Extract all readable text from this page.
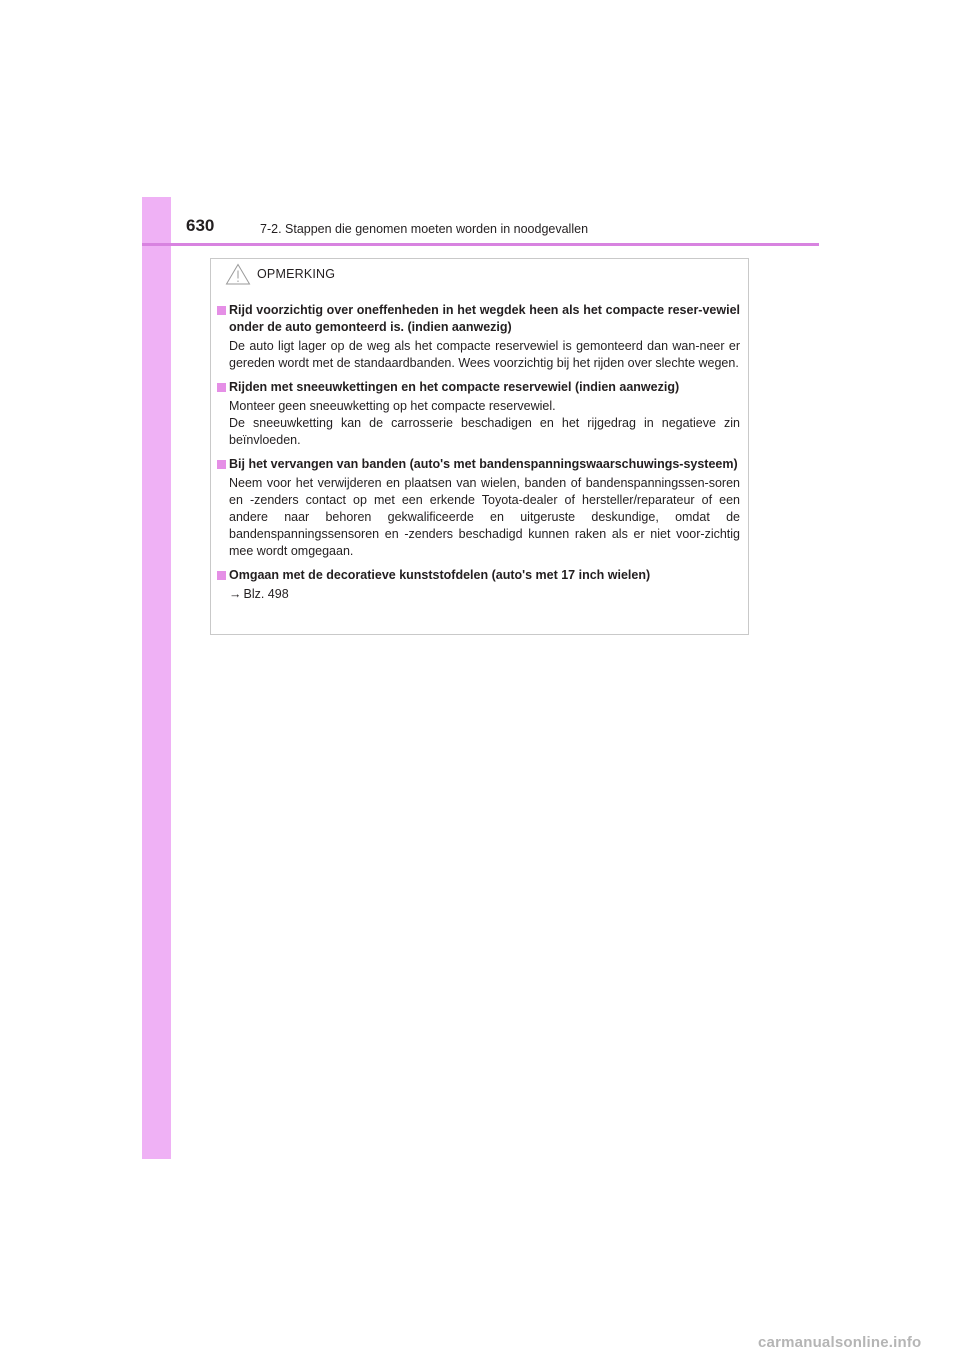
630	7-2. Stappen die genomen moeten worden in noodgevallen
OPMERKING
Rijd voorzichtig over oneffenheden in het wegdek heen als het compacte reser-vewiel onder de auto gemonteerd is. (indien aanwezig)

De auto ligt lager op de weg als het compacte reservewiel is gemonteerd dan wan-neer er gereden wordt met de standaardbanden. Wees voorzichtig bij het rijden over slechte wegen.

Rijden met sneeuwkettingen en het compacte reservewiel (indien aanwezig)

Monteer geen sneeuwketting op het compacte reservewiel.

De sneeuwketting kan de carrosserie beschadigen en het rijgedrag in negatieve zin beïnvloeden.

Bij het vervangen van banden (auto's met bandenspanningswaarschuwings-systeem)

Neem voor het verwijderen en plaatsen van wielen, banden of bandenspanningssen-soren en -zenders contact op met een erkende Toyota-dealer of hersteller/reparateur of een andere naar behoren gekwalificeerde en uitgeruste deskundige, omdat de bandenspanningssensoren en -zenders beschadigd kunnen raken als er niet voor-zichtig mee wordt omgegaan.

Omgaan met de decoratieve kunststofdelen (auto's met 17 inch wielen)

→ Blz. 498

carmanualsonline.info
